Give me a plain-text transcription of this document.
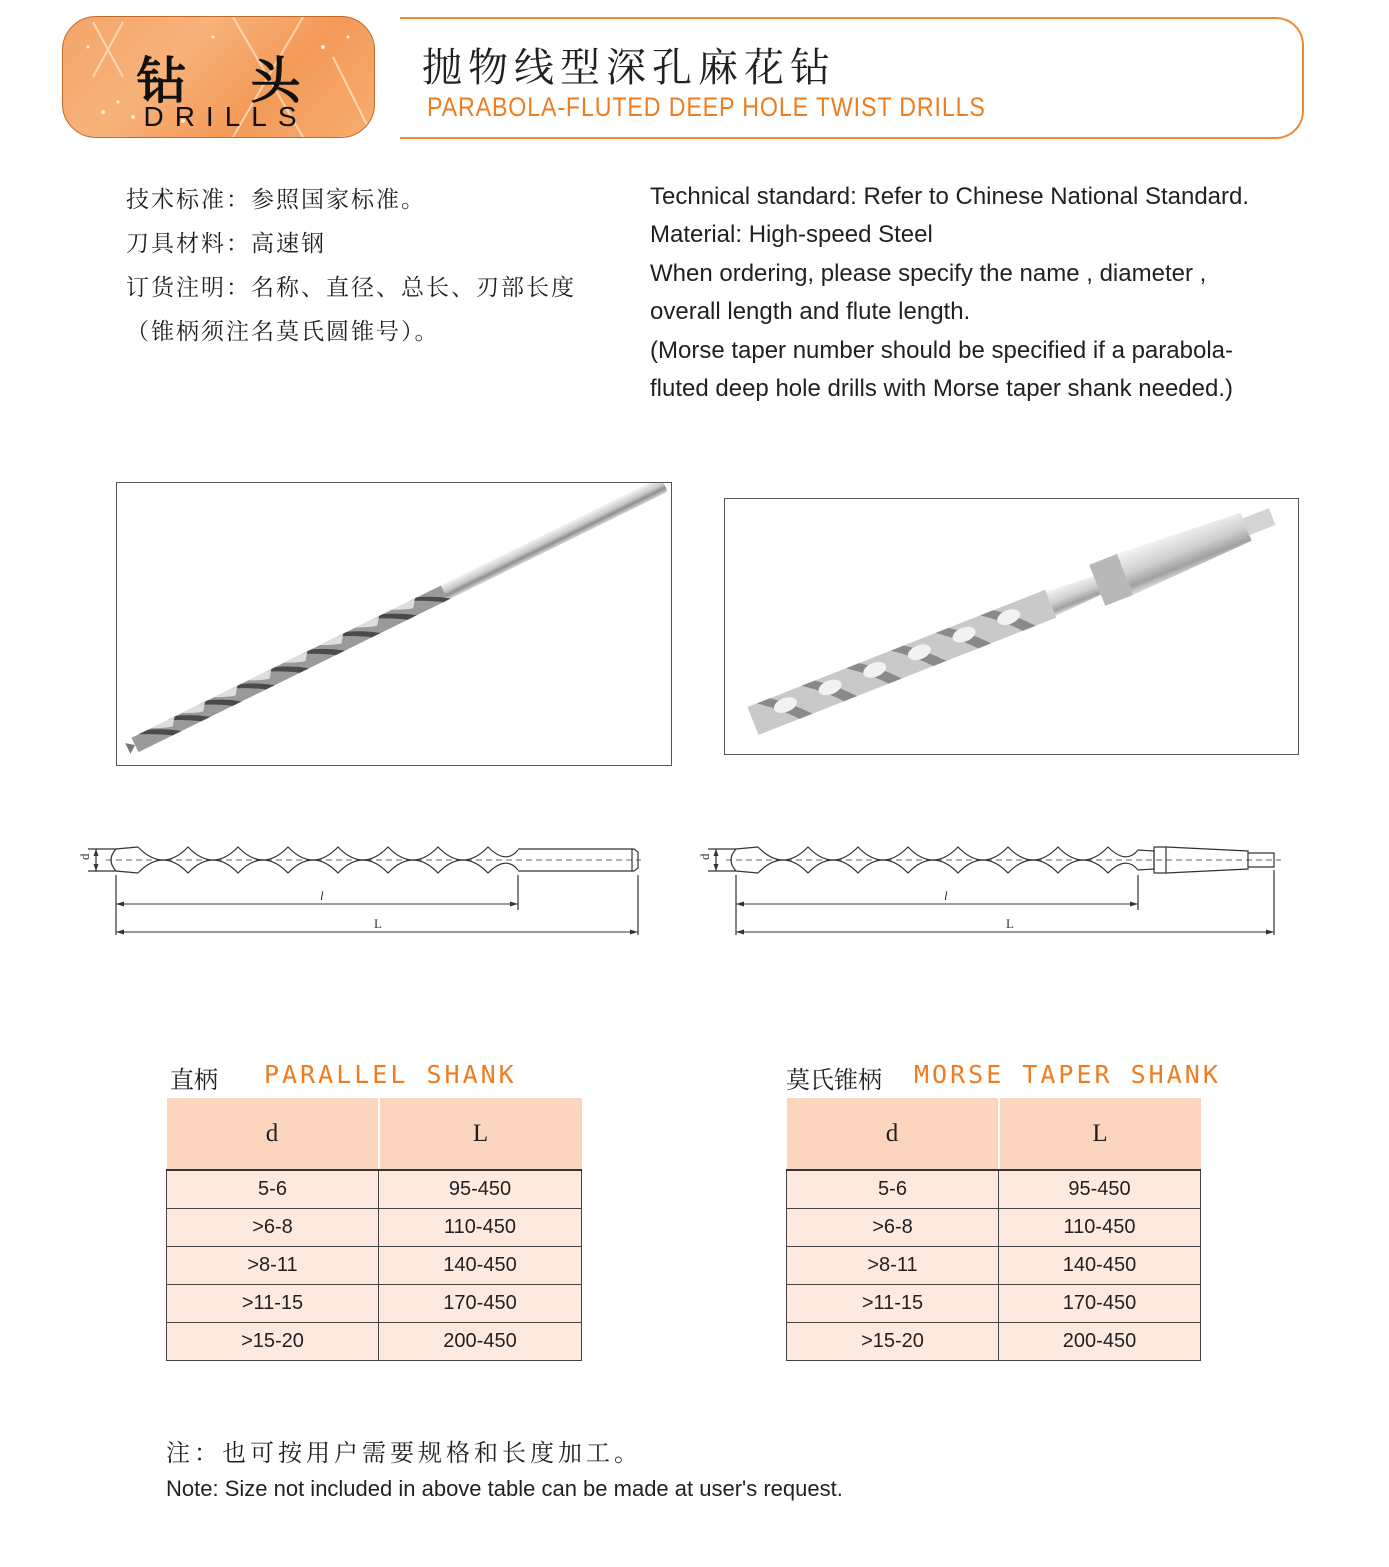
钻头
DRILLS
抛物线型深孔麻花钻
PARABOLA-FLUTED DEEP HOLE TWIST DRILLS
技术标准：参照国家标准。
刀具材料：高速钢
订货注明：名称、直径、总长、刃部长度
（锥柄须注名莫氏圆锥号）。
Technical standard: Refer to Chinese National Standard.
Material: High-speed Steel
When ordering, please specify the name , diameter ,
overall length and flute length.
(Morse taper number should be specified if a parabola-
fluted deep hole drills with Morse taper shank needed.)
d
l
L
d
l
L
直柄 PARALLEL SHANK
d	L
5-6	95-450
>6-8	110-450
>8-11	140-450
>11-15	170-450
>15-20	200-450
莫氏锥柄 MORSE TAPER SHANK
d	L
5-6	95-450
>6-8	110-450
>8-11	140-450
>11-15	170-450
>15-20	200-450
注：也可按用户需要规格和长度加工。
Note: Size not included in above table can be made at user's request.
